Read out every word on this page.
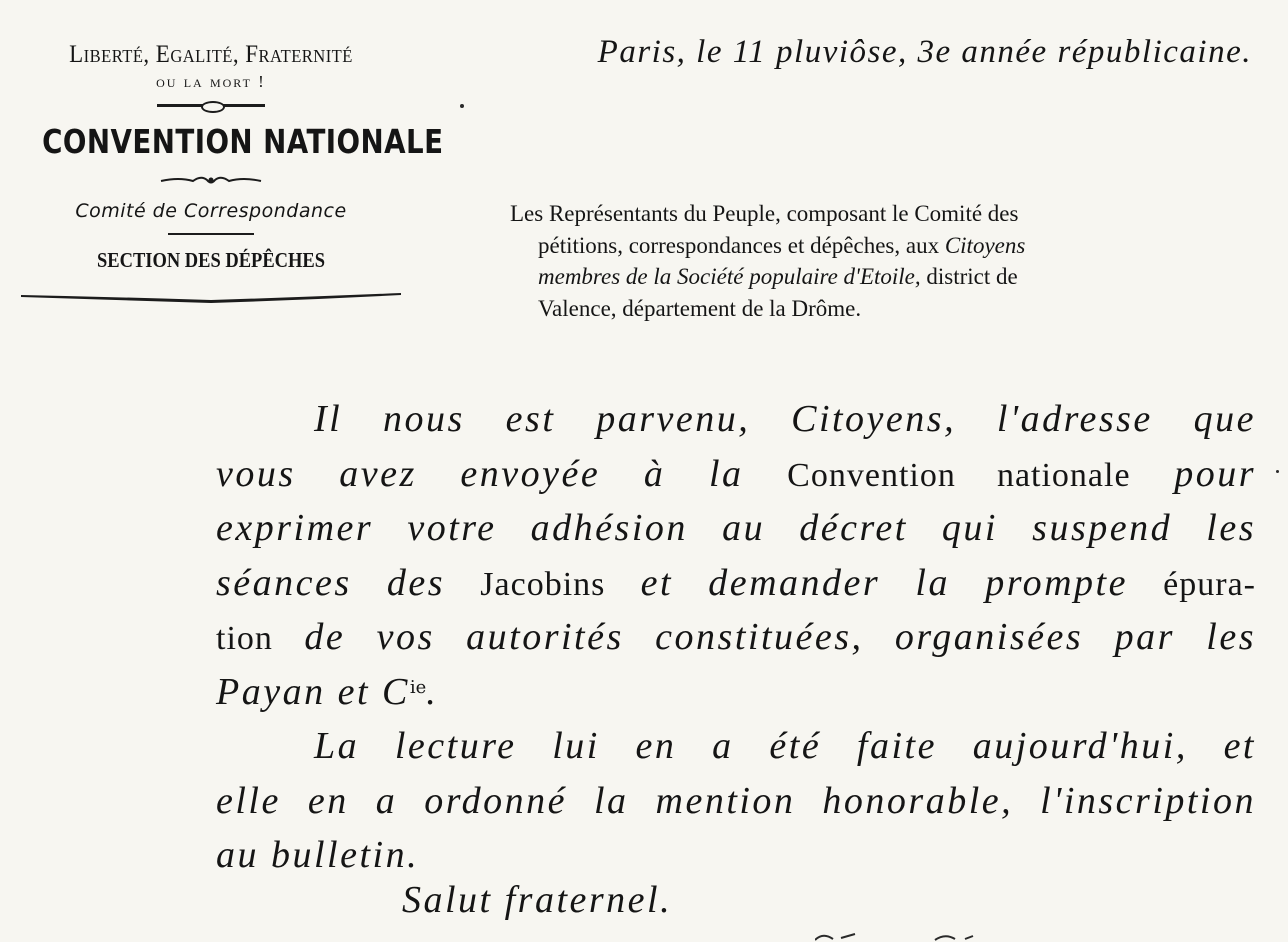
Liberté, Egalité, Fraternité
ou la mort !
CONVENTION NATIONALE
Comité de Correspondance
SECTION DES DÉPÊCHES
Paris, le 11 pluviôse, 3e année républicaine.
Les Représentants du Peuple, composant le Comité des
pétitions, correspondances et dépêches, aux Citoyens
membres de la Société populaire d'Etoile, district de
Valence, département de la Drôme.
Il nous est parvenu, Citoyens, l'adresse que
vous avez envoyée à la Convention nationale pour
exprimer votre adhésion au décret qui suspend les
séances des Jacobins et demander la prompte épura-
tion de vos autorités constituées, organisées par les
Payan et $C^{ie}$.
La lecture lui en a été faite aujourd'hui, et
elle en a ordonné la mention honorable, l'inscription
au bulletin.
Salut fraternel.
